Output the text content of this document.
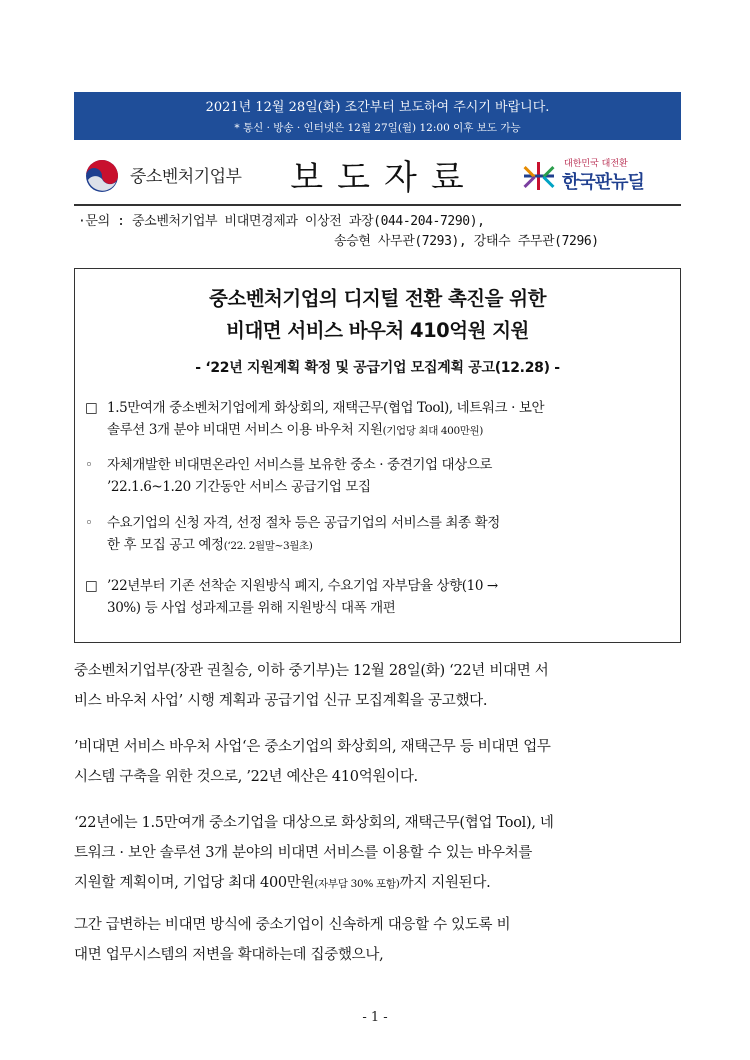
2021년 12월 28일(화) 조간부터 보도하여 주시기 바랍니다.
* 통신 · 방송 · 인터넷은 12월 27일(월) 12:00 이후 보도 가능
중소벤처기업부	보도자료	대한민국 대전환
한국판뉴딜
·문의 : 중소벤처기업부 비대면경제과 이상전 과장(044-204-7290),
송승현 사무관(7293), 강태수 주무관(7296)
중소벤처기업의 디지털 전환 촉진을 위한
비대면 서비스 바우처 410억원 지원
- ‘22년 지원계획 확정 및 공급기업 모집계획 공고(12.28) -
□ 1.5만여개 중소벤처기업에게 화상회의, 재택근무(협업 Tool), 네트워크 · 보안
솔루션 3개 분야 비대면 서비스 이용 바우처 지원(기업당 최대 400만원)
◦ 자체개발한 비대면온라인 서비스를 보유한 중소 · 중견기업 대상으로
’22.1.6~1.20 기간동안 서비스 공급기업 모집
◦ 수요기업의 신청 자격, 선정 절차 등은 공급기업의 서비스를 최종 확정
한 후 모집 공고 예정(‘22. 2월말~3월초)
□ ’22년부터 기존 선착순 지원방식 폐지, 수요기업 자부담율 상향(10 →
30%) 등 사업 성과제고를 위해 지원방식 대폭 개편
중소벤처기업부(장관 권칠승, 이하 중기부)는 12월 28일(화) ‘22년 비대면 서
비스 바우처 사업’ 시행 계획과 공급기업 신규 모집계획을 공고했다.
’비대면 서비스 바우처 사업‘은 중소기업의 화상회의, 재택근무 등 비대면 업무
시스템 구축을 위한 것으로, ’22년 예산은 410억원이다.
‘22년에는 1.5만여개 중소기업을 대상으로 화상회의, 재택근무(협업 Tool), 네
트워크 · 보안 솔루션 3개 분야의 비대면 서비스를 이용할 수 있는 바우처를
지원할 계획이며, 기업당 최대 400만원(자부담 30% 포함)까지 지원된다.
그간 급변하는 비대면 방식에 중소기업이 신속하게 대응할 수 있도록 비
대면 업무시스템의 저변을 확대하는데 집중했으나,
- 1 -
